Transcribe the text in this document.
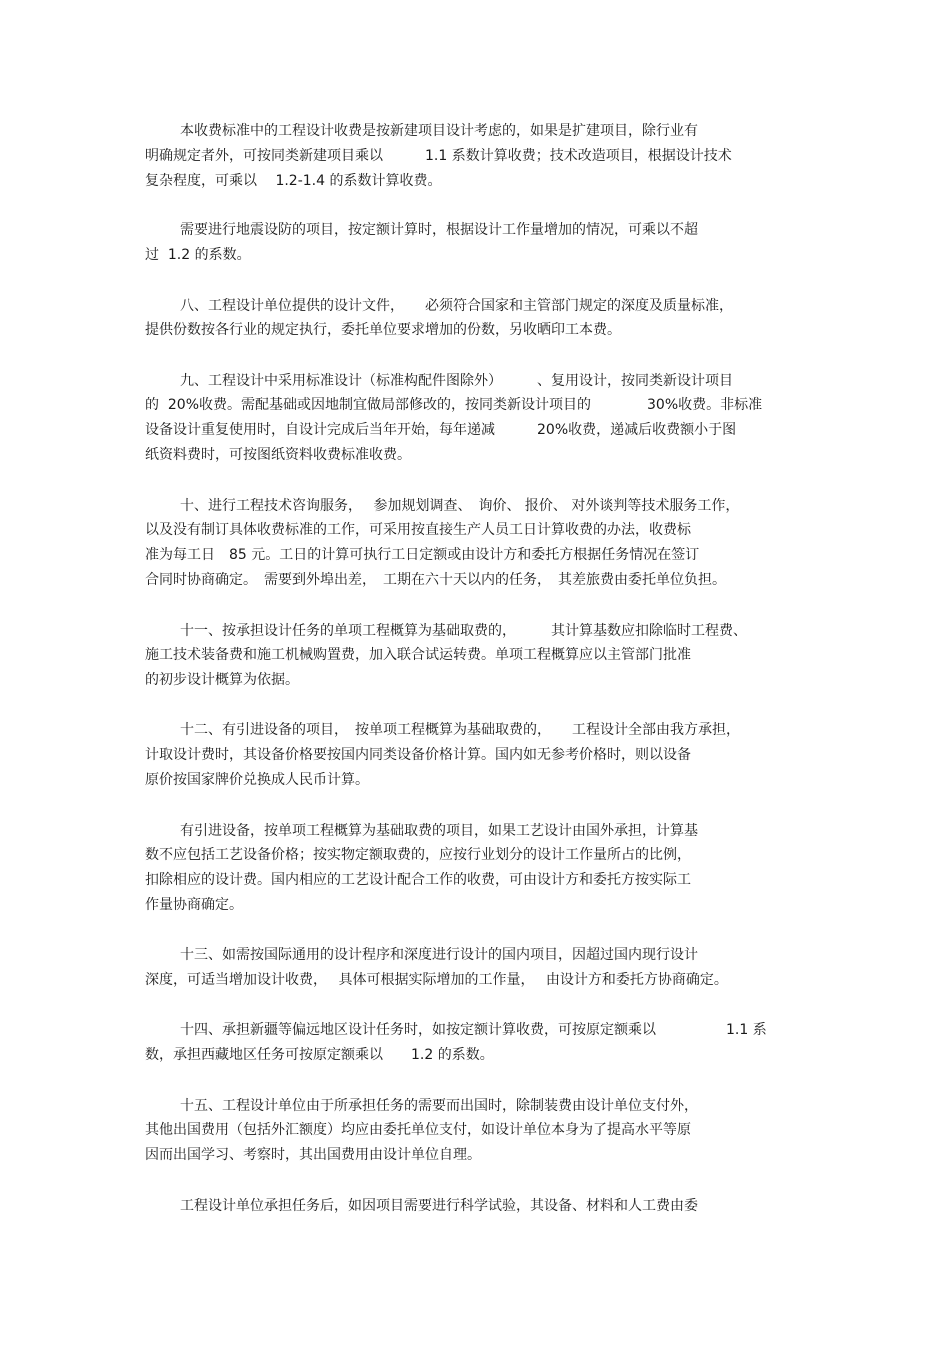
本收费标准中的工程设计收费是按新建项目设计考虑的，如果是扩建项目，除行业有
明确规定者外，可按同类新建项目乘以　　　1.1 系数计算收费；技术改造项目，根据设计技术
复杂程度，可乘以　 1.2-1.4 的系数计算收费。
需要进行地震设防的项目，按定额计算时，根据设计工作量增加的情况，可乘以不超
过  1.2 的系数。
八、工程设计单位提供的设计文件，　　必须符合国家和主管部门规定的深度及质量标准，
提供份数按各行业的规定执行，委托单位要求增加的份数，另收晒印工本费。
九、工程设计中采用标准设计（标准构配件图除外）　　　、复用设计，按同类新设计项目
的  20%收费。需配基础或因地制宜做局部修改的，按同类新设计项目的　　　　30%收费。非标准
设备设计重复使用时，自设计完成后当年开始，每年递减　　　20%收费，递减后收费额小于图
纸资料费时，可按图纸资料收费标准收费。
十、进行工程技术咨询服务，　 参加规划调查、　询价、 报价、 对外谈判等技术服务工作，
以及没有制订具体收费标准的工作，可采用按直接生产人员工日计算收费的办法，收费标
准为每工日　85 元。工日的计算可执行工日定额或由设计方和委托方根据任务情况在签订
合同时协商确定。　需要到外埠出差，　工期在六十天以内的任务，　其差旅费由委托单位负担。
十一、按承担设计任务的单项工程概算为基础取费的，　　　其计算基数应扣除临时工程费、
施工技术装备费和施工机械购置费，加入联合试运转费。单项工程概算应以主管部门批准
的初步设计概算为依据。
十二、有引进设备的项目，　按单项工程概算为基础取费的，　　工程设计全部由我方承担，
计取设计费时，其设备价格要按国内同类设备价格计算。国内如无参考价格时，则以设备
原价按国家牌价兑换成人民币计算。
有引进设备，按单项工程概算为基础取费的项目，如果工艺设计由国外承担，计算基
数不应包括工艺设备价格；按实物定额取费的，应按行业划分的设计工作量所占的比例，
扣除相应的设计费。国内相应的工艺设计配合工作的收费，可由设计方和委托方按实际工
作量协商确定。
十三、如需按国际通用的设计程序和深度进行设计的国内项目，因超过国内现行设计
深度，可适当增加设计收费，　 具体可根据实际增加的工作量，　 由设计方和委托方协商确定。
十四、承担新疆等偏远地区设计任务时，如按定额计算收费，可按原定额乘以　　　　　1.1 系
数，承担西藏地区任务可按原定额乘以　　1.2 的系数。
十五、工程设计单位由于所承担任务的需要而出国时，除制装费由设计单位支付外，
其他出国费用（包括外汇额度）均应由委托单位支付，如设计单位本身为了提高水平等原
因而出国学习、考察时，其出国费用由设计单位自理。
工程设计单位承担任务后，如因项目需要进行科学试验，其设备、材料和人工费由委
